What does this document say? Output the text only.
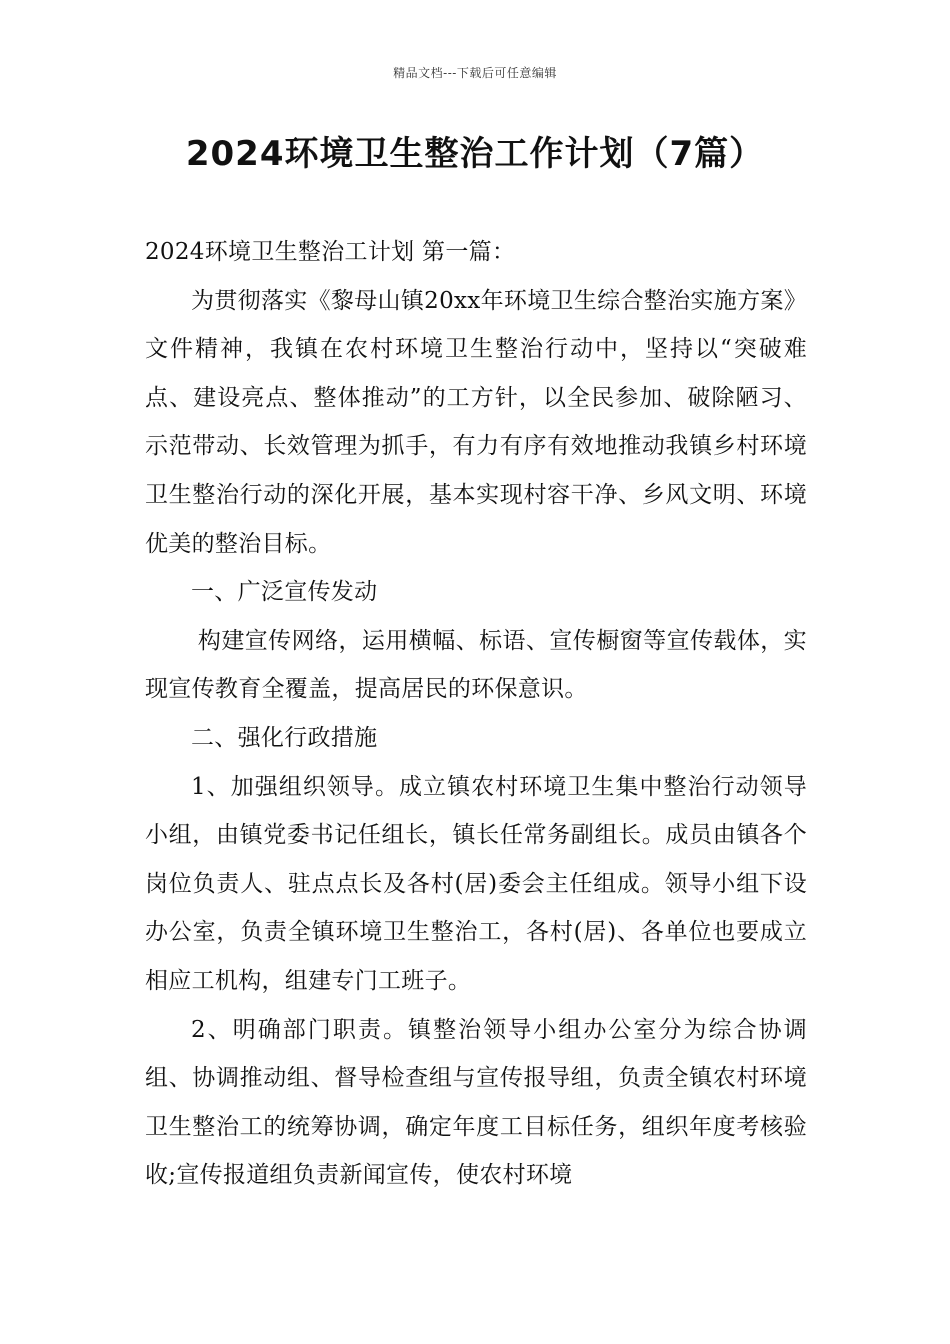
精品文档---下载后可任意编辑
2024环境卫生整治工作计划（7篇）

2024环境卫生整治工计划 第一篇：

为贯彻落实《黎母山镇20xx年环境卫生综合整治实施方案》文件精神，我镇在农村环境卫生整治行动中，坚持以“突破难点、建设亮点、整体推动”的工方针，以全民参加、破除陋习、示范带动、长效管理为抓手，有力有序有效地推动我镇乡村环境卫生整治行动的深化开展，基本实现村容干净、乡风文明、环境优美的整治目标。

一、广泛宣传发动

构建宣传网络，运用横幅、标语、宣传橱窗等宣传载体，实现宣传教育全覆盖，提高居民的环保意识。

二、强化行政措施

1、加强组织领导。成立镇农村环境卫生集中整治行动领导小组，由镇党委书记任组长，镇长任常务副组长。成员由镇各个岗位负责人、驻点点长及各村(居)委会主任组成。领导小组下设办公室，负责全镇环境卫生整治工，各村(居)、各单位也要成立相应工机构，组建专门工班子。

2、明确部门职责。镇整治领导小组办公室分为综合协调组、协调推动组、督导检查组与宣传报导组，负责全镇农村环境卫生整治工的统筹协调，确定年度工目标任务，组织年度考核验收;宣传报道组负责新闻宣传，使农村环境
